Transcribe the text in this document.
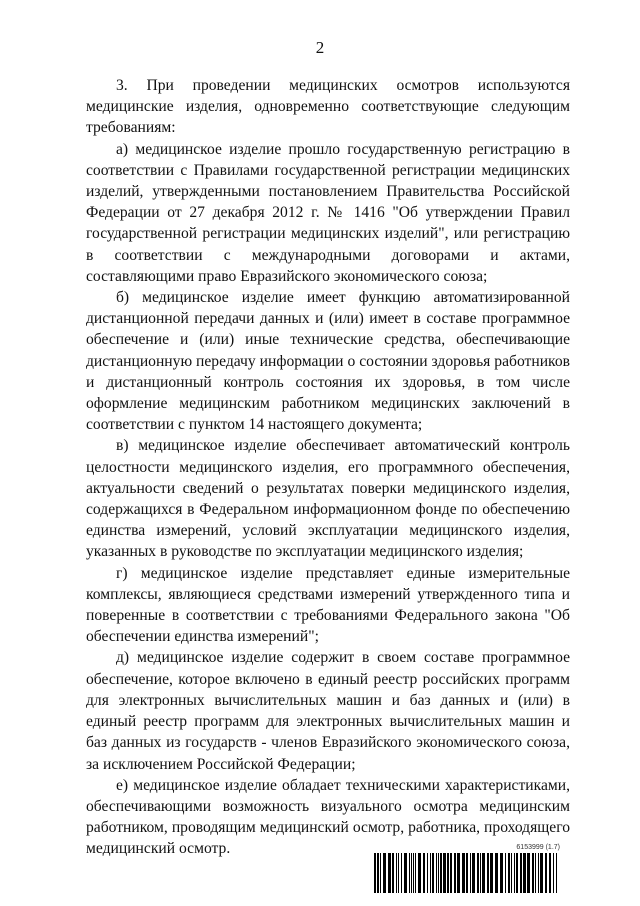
2

3. При проведении медицинских осмотров используются медицинские изделия, одновременно соответствующие следующим требованиям:

а) медицинское изделие прошло государственную регистрацию в соответствии с Правилами государственной регистрации медицинских изделий, утвержденными постановлением Правительства Российской Федерации от 27 декабря 2012 г. № 1416 "Об утверждении Правил государственной регистрации медицинских изделий", или регистрацию в соответствии с международными договорами и актами, составляющими право Евразийского экономического союза;

б) медицинское изделие имеет функцию автоматизированной дистанционной передачи данных и (или) имеет в составе программное обеспечение и (или) иные технические средства, обеспечивающие дистанционную передачу информации о состоянии здоровья работников и дистанционный контроль состояния их здоровья, в том числе оформление медицинским работником медицинских заключений в соответствии с пунктом 14 настоящего документа;

в) медицинское изделие обеспечивает автоматический контроль целостности медицинского изделия, его программного обеспечения, актуальности сведений о результатах поверки медицинского изделия, содержащихся в Федеральном информационном фонде по обеспечению единства измерений, условий эксплуатации медицинского изделия, указанных в руководстве по эксплуатации медицинского изделия;

г) медицинское изделие представляет единые измерительные комплексы, являющиеся средствами измерений утвержденного типа и поверенные в соответствии с требованиями Федерального закона "Об обеспечении единства измерений";

д) медицинское изделие содержит в своем составе программное обеспечение, которое включено в единый реестр российских программ для электронных вычислительных машин и баз данных и (или) в единый реестр программ для электронных вычислительных машин и баз данных из государств - членов Евразийского экономического союза, за исключением Российской Федерации;

е) медицинское изделие обладает техническими характеристиками, обеспечивающими возможность визуального осмотра медицинским работником, проводящим медицинский осмотр, работника, проходящего медицинский осмотр.	6153999 (1.7)
